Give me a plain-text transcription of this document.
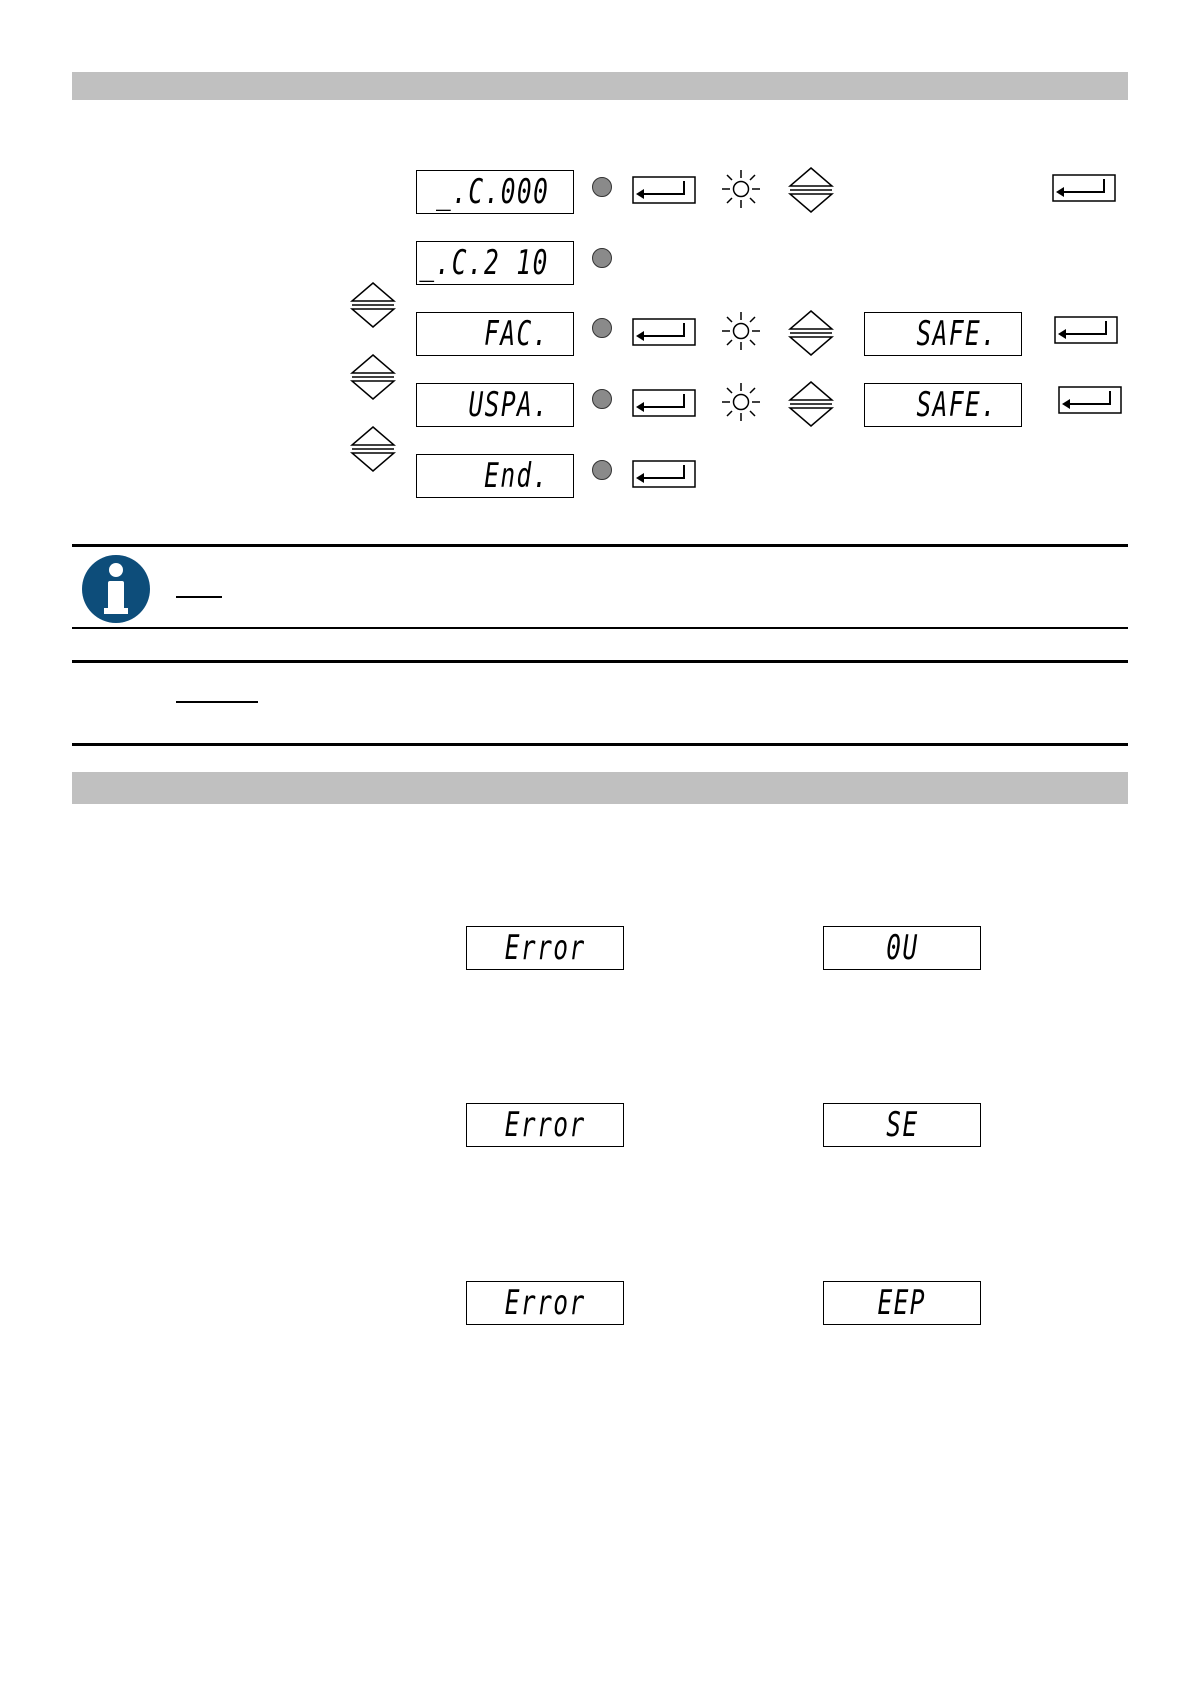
_.C.000
_.C.2 10
FAC.	SAFE.
USPA.	SAFE.
End.
Error	0U
Error	SE
Error	EEP
